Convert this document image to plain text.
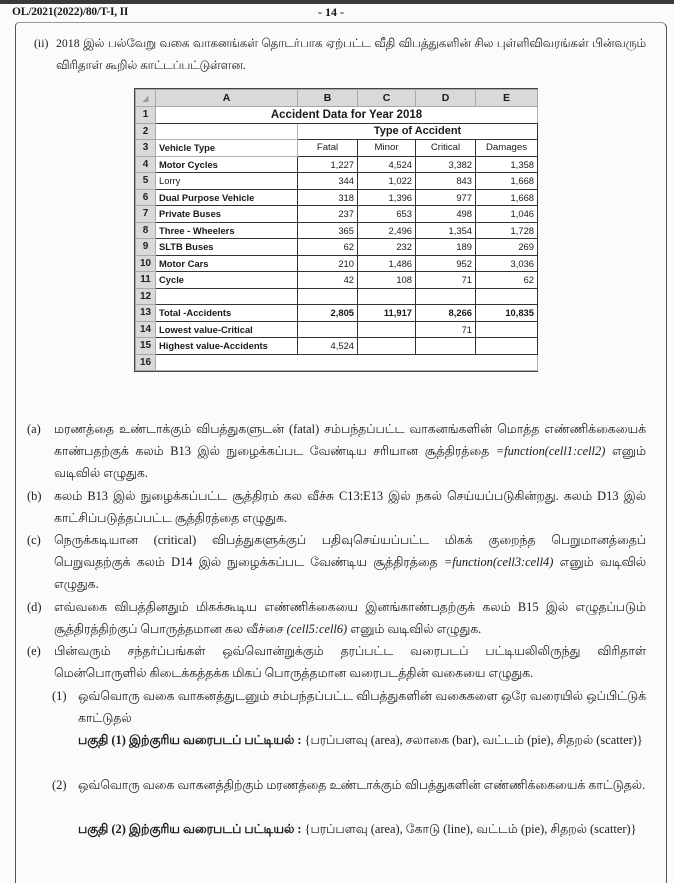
OL/2021(2022)/80/T-I, II	- 14 -
(ii) 2018 இல் பல்வேறு வகை வாகனங்கள் தொடர்பாக ஏற்பட்ட வீதி விபத்துகளின் சில புள்ளிவிவரங்கள் பின்வரும் விரிதாள் கூறில் காட்டப்பட்டுள்ளன.
◢	A	B	C	D	E
1	Accident Data for Year 2018				
2		Type of Accident			
3	Vehicle Type	Fatal	Minor	Critical	Damages
4	Motor Cycles	1,227	4,524	3,382	1,358
5	Lorry	344	1,022	843	1,668
6	Dual Purpose Vehicle	318	1,396	977	1,668
7	Private Buses	237	653	498	1,046
8	Three - Wheelers	365	2,496	1,354	1,728
9	SLTB Buses	62	232	189	269
10	Motor Cars	210	1,486	952	3,036
11	Cycle	42	108	71	62
12					
13	Total -Accidents	2,805	11,917	8,266	10,835
14	Lowest value-Critical			71	
15	Highest value-Accidents	4,524			
16					
(a) மரணத்தை உண்டாக்கும் விபத்துகளுடன் (fatal) சம்பந்தப்பட்ட வாகனங்களின் மொத்த எண்ணிக்கையைக் காண்பதற்குக் கலம் B13 இல் நுழைக்கப்பட வேண்டிய சரியான சூத்திரத்தை =function(cell1:cell2) எனும் வடிவில் எழுதுக.
(b) கலம் B13 இல் நுழைக்கப்பட்ட சூத்திரம் கல வீச்சு C13:E13 இல் நகல் செய்யப்படுகின்றது. கலம் D13 இல் காட்சிப்படுத்தப்பட்ட சூத்திரத்தை எழுதுக.
(c) நெருக்கடியான (critical) விபத்துகளுக்குப் பதிவுசெய்யப்பட்ட மிகக் குறைந்த பெறுமானத்தைப் பெறுவதற்குக் கலம் D14 இல் நுழைக்கப்பட வேண்டிய சூத்திரத்தை =function(cell3:cell4) எனும் வடிவில் எழுதுக.
(d) எவ்வகை விபத்தினதும் மிகக்கூடிய எண்ணிக்கையை இனங்காண்பதற்குக் கலம் B15 இல் எழுதப்படும் சூத்திரத்திற்குப் பொருத்தமான கல வீச்சை (cell5:cell6) எனும் வடிவில் எழுதுக.
(e) பின்வரும் சந்தர்ப்பங்கள் ஒவ்வொன்றுக்கும் தரப்பட்ட வரைபடப் பட்டியலிலிருந்து விரிதாள் மென்பொருளில் கிடைக்கத்தக்க மிகப் பொருத்தமான வரைபடத்தின் வகையை எழுதுக.
(1) ஒவ்வொரு வகை வாகனத்துடனும் சம்பந்தப்பட்ட விபத்துகளின் வகைகளை ஒரே வரையில் ஒப்பிட்டுக் காட்டுதல்
பகுதி (1) இற்குரிய வரைபடப் பட்டியல் : {பரப்பளவு (area), சலாகை (bar), வட்டம் (pie), சிதறல் (scatter)}
(2) ஒவ்வொரு வகை வாகனத்திற்கும் மரணத்தை உண்டாக்கும் விபத்துகளின் எண்ணிக்கையைக் காட்டுதல்.
பகுதி (2) இற்குரிய வரைபடப் பட்டியல் : {பரப்பளவு (area), கோடு (line), வட்டம் (pie), சிதறல் (scatter)}
